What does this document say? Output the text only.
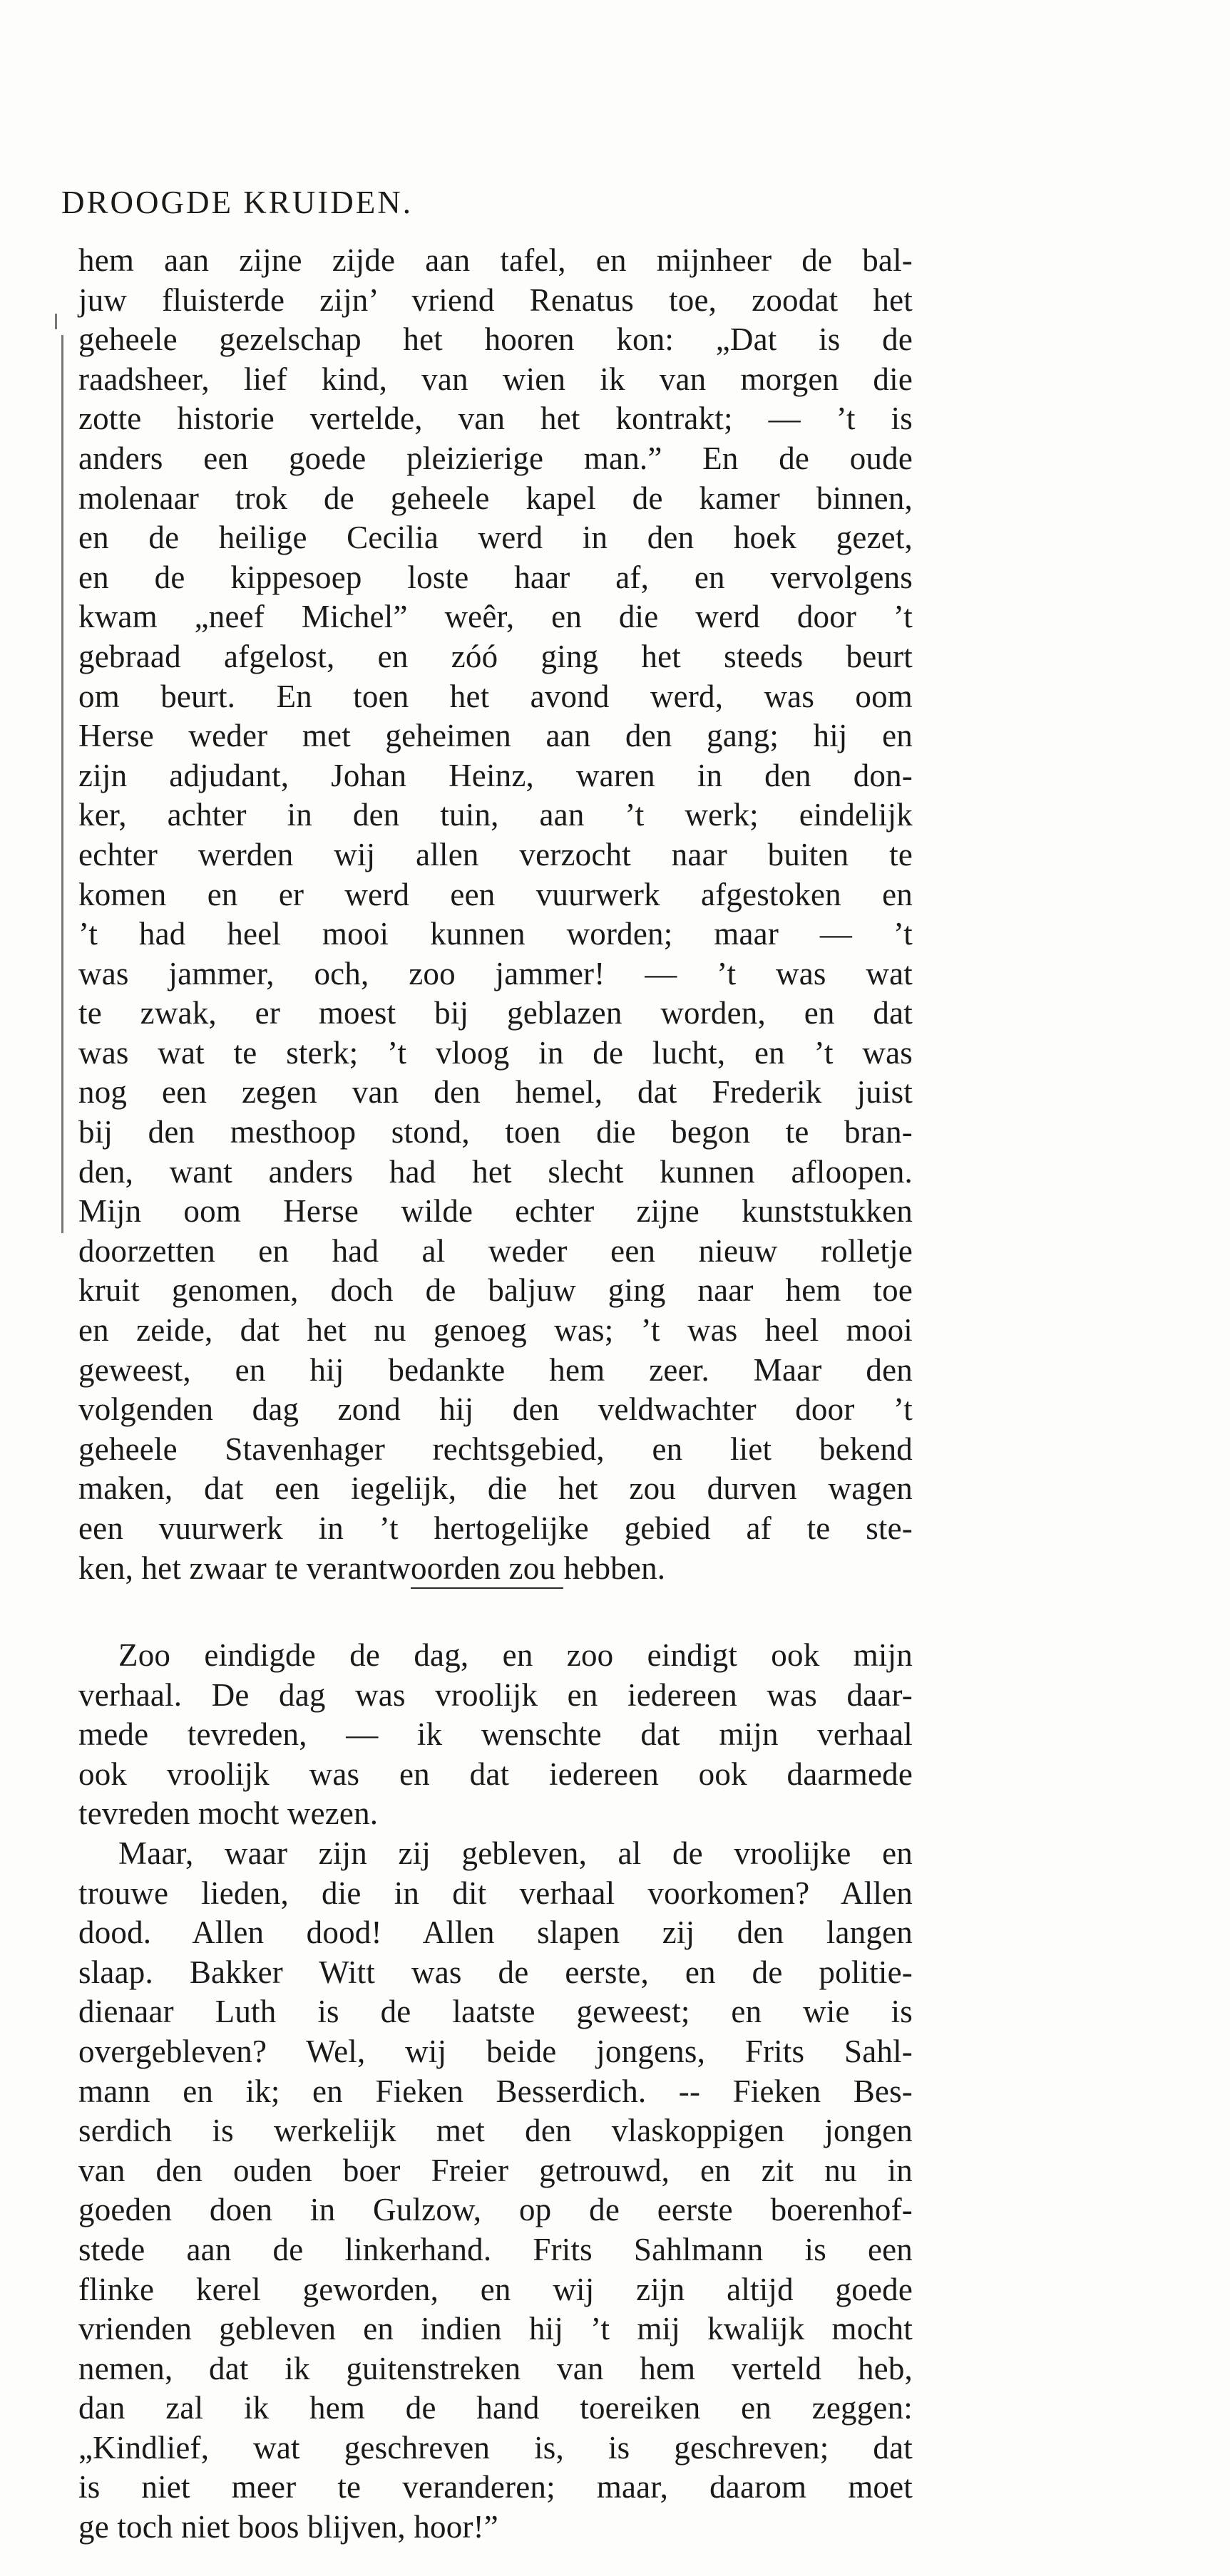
DROOGDE KRUIDEN.
hem aan zijne zijde aan tafel, en mijnheer de bal-
juw fluisterde zijn’ vriend Renatus toe, zoodat het
geheele gezelschap het hooren kon: „Dat is de
raadsheer, lief kind, van wien ik van morgen die
zotte historie vertelde, van het kontrakt; — ’t is
anders een goede pleizierige man.” En de oude
molenaar trok de geheele kapel de kamer binnen,
en de heilige Cecilia werd in den hoek gezet,
en de kippesoep loste haar af, en vervolgens
kwam „neef Michel” weêr, en die werd door ’t
gebraad afgelost, en zóó ging het steeds beurt
om beurt. En toen het avond werd, was oom
Herse weder met geheimen aan den gang; hij en
zijn adjudant, Johan Heinz, waren in den don-
ker, achter in den tuin, aan ’t werk; eindelijk
echter werden wij allen verzocht naar buiten te
komen en er werd een vuurwerk afgestoken en
’t had heel mooi kunnen worden; maar — ’t
was jammer, och, zoo jammer! — ’t was wat
te zwak, er moest bij geblazen worden, en dat
was wat te sterk; ’t vloog in de lucht, en ’t was
nog een zegen van den hemel, dat Frederik juist
bij den mesthoop stond, toen die begon te bran-
den, want anders had het slecht kunnen afloopen.
Mijn oom Herse wilde echter zijne kunststukken
doorzetten en had al weder een nieuw rolletje
kruit genomen, doch de baljuw ging naar hem toe
en zeide, dat het nu genoeg was; ’t was heel mooi
geweest, en hij bedankte hem zeer. Maar den
volgenden dag zond hij den veldwachter door ’t
geheele Stavenhager rechtsgebied, en liet bekend
maken, dat een iegelijk, die het zou durven wagen
een vuurwerk in ’t hertogelijke gebied af te ste-
ken, het zwaar te verantwoorden zou hebben.
Zoo eindigde de dag, en zoo eindigt ook mijn
verhaal. De dag was vroolijk en iedereen was daar-
mede tevreden, — ik wenschte dat mijn verhaal
ook vroolijk was en dat iedereen ook daarmede
tevreden mocht wezen.
Maar, waar zijn zij gebleven, al de vroolijke en
trouwe lieden, die in dit verhaal voorkomen? Allen
dood. Allen dood! Allen slapen zij den langen
slaap. Bakker Witt was de eerste, en de politie-
dienaar Luth is de laatste geweest; en wie is
overgebleven? Wel, wij beide jongens, Frits Sahl-
mann en ik; en Fieken Besserdich. -- Fieken Bes-
serdich is werkelijk met den vlaskoppigen jongen
van den ouden boer Freier getrouwd, en zit nu in
goeden doen in Gulzow, op de eerste boerenhof-
stede aan de linkerhand. Frits Sahlmann is een
flinke kerel geworden, en wij zijn altijd goede
vrienden gebleven en indien hij ’t mij kwalijk mocht
nemen, dat ik guitenstreken van hem verteld heb,
dan zal ik hem de hand toereiken en zeggen:
„Kindlief, wat geschreven is, is geschreven; dat
is niet meer te veranderen; maar, daarom moet
ge toch niet boos blijven, hoor!”
